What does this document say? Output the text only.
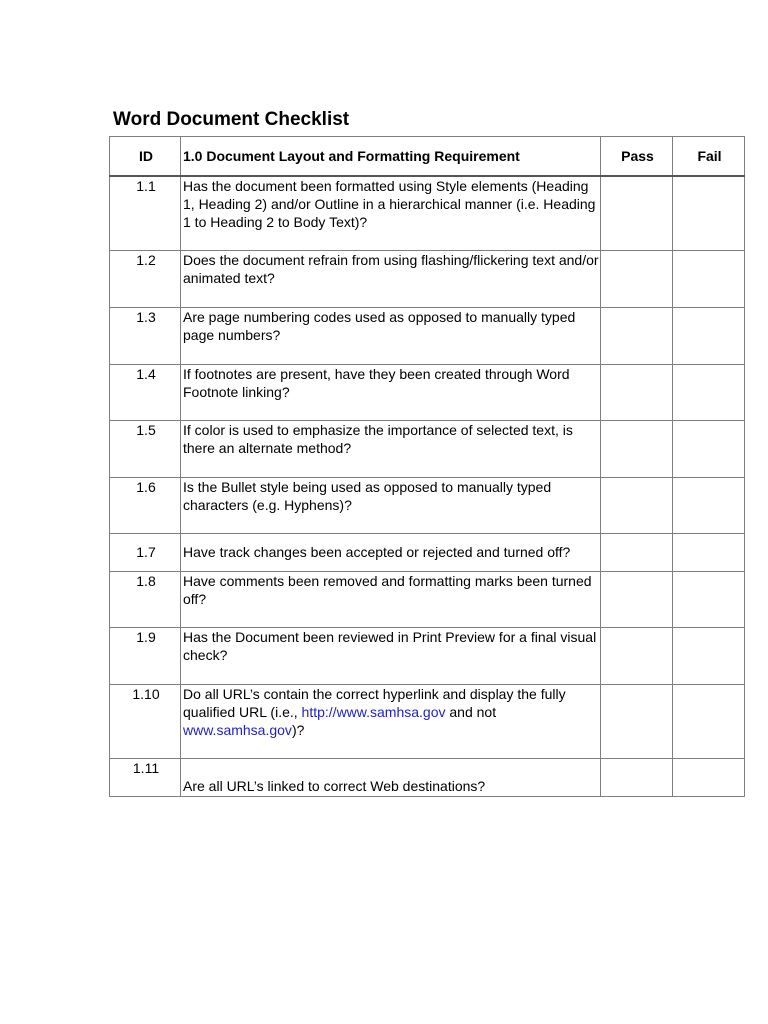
Word Document Checklist
ID	1.0 Document Layout and Formatting Requirement	Pass	Fail
1.1	Has the document been formatted using Style elements (Heading 1, Heading 2) and/or Outline in a hierarchical manner (i.e. Heading 1 to Heading 2 to Body Text)?		
1.2	Does the document refrain from using flashing/flickering text and/or animated text?		
1.3	Are page numbering codes used as opposed to manually typed page numbers?		
1.4	If footnotes are present, have they been created through Word Footnote linking?		
1.5	If color is used to emphasize the importance of selected text, is there an alternate method?		
1.6	Is the Bullet style being used as opposed to manually typed characters (e.g. Hyphens)?		
1.7	Have track changes been accepted or rejected and turned off?		
1.8	Have comments been removed and formatting marks been turned off?		
1.9	Has the Document been reviewed in Print Preview for a final visual check?		
1.10	Do all URL’s contain the correct hyperlink and display the fully qualified URL (i.e., http://www.samhsa.gov and not www.samhsa.gov)?		
1.11	Are all URL’s linked to correct Web destinations?		
